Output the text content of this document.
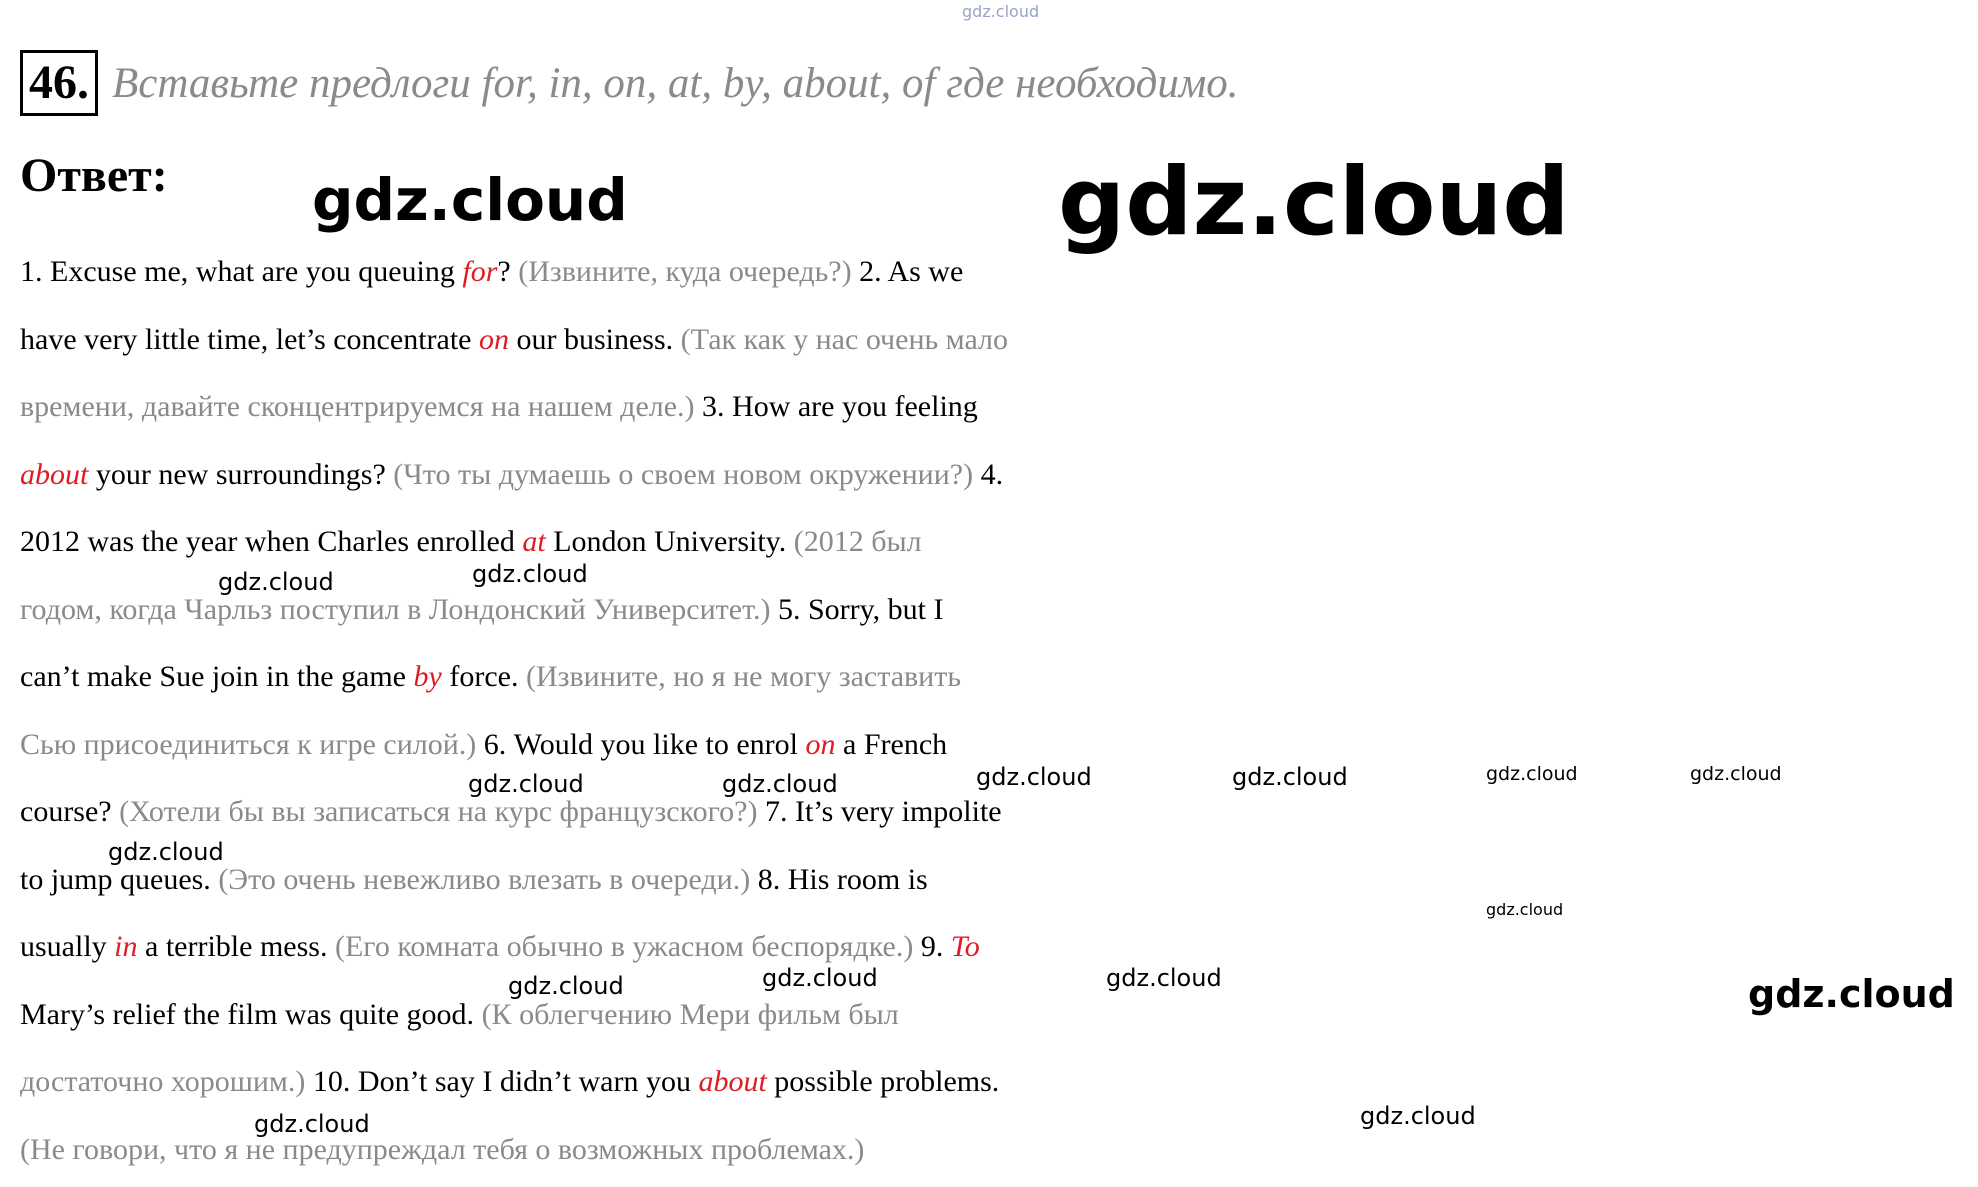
gdz.cloud
46. Вставьте предлоги for, in, on, at, by, about, of где необходимо.
Ответ:
1. Excuse me, what are you queuing for? (Извините, куда очередь?) 2. As we
have very little time, let’s concentrate on our business. (Так как у нас очень мало
времени, давайте сконцентрируемся на нашем деле.) 3. How are you feeling
about your new surroundings? (Что ты думаешь о своем новом окружении?) 4.
2012 was the year when Charles enrolled at London University. (2012 был
годом, когда Чарльз поступил в Лондонский Университет.) 5. Sorry, but I
can’t make Sue join in the game by force. (Извините, но я не могу заставить
Сью присоединиться к игре силой.) 6. Would you like to enrol on a French
course? (Хотели бы вы записаться на курс французского?) 7. It’s very impolite
to jump queues. (Это очень невежливо влезать в очереди.) 8. His room is
usually in a terrible mess. (Его комната обычно в ужасном беспорядке.) 9. To
Mary’s relief the film was quite good. (К облегчению Мери фильм был
достаточно хорошим.) 10. Don’t say I didn’t warn you about possible problems.
(Не говори, что я не предупреждал тебя о возможных проблемах.)
gdz.cloud	gdz.cloud
gdz.cloud	gdz.cloud
gdz.cloud	gdz.cloud	gdz.cloud	gdz.cloud	gdz.cloud	gdz.cloud
gdz.cloud
gdz.cloud
gdz.cloud	gdz.cloud	gdz.cloud	gdz.cloud
gdz.cloud	gdz.cloud
